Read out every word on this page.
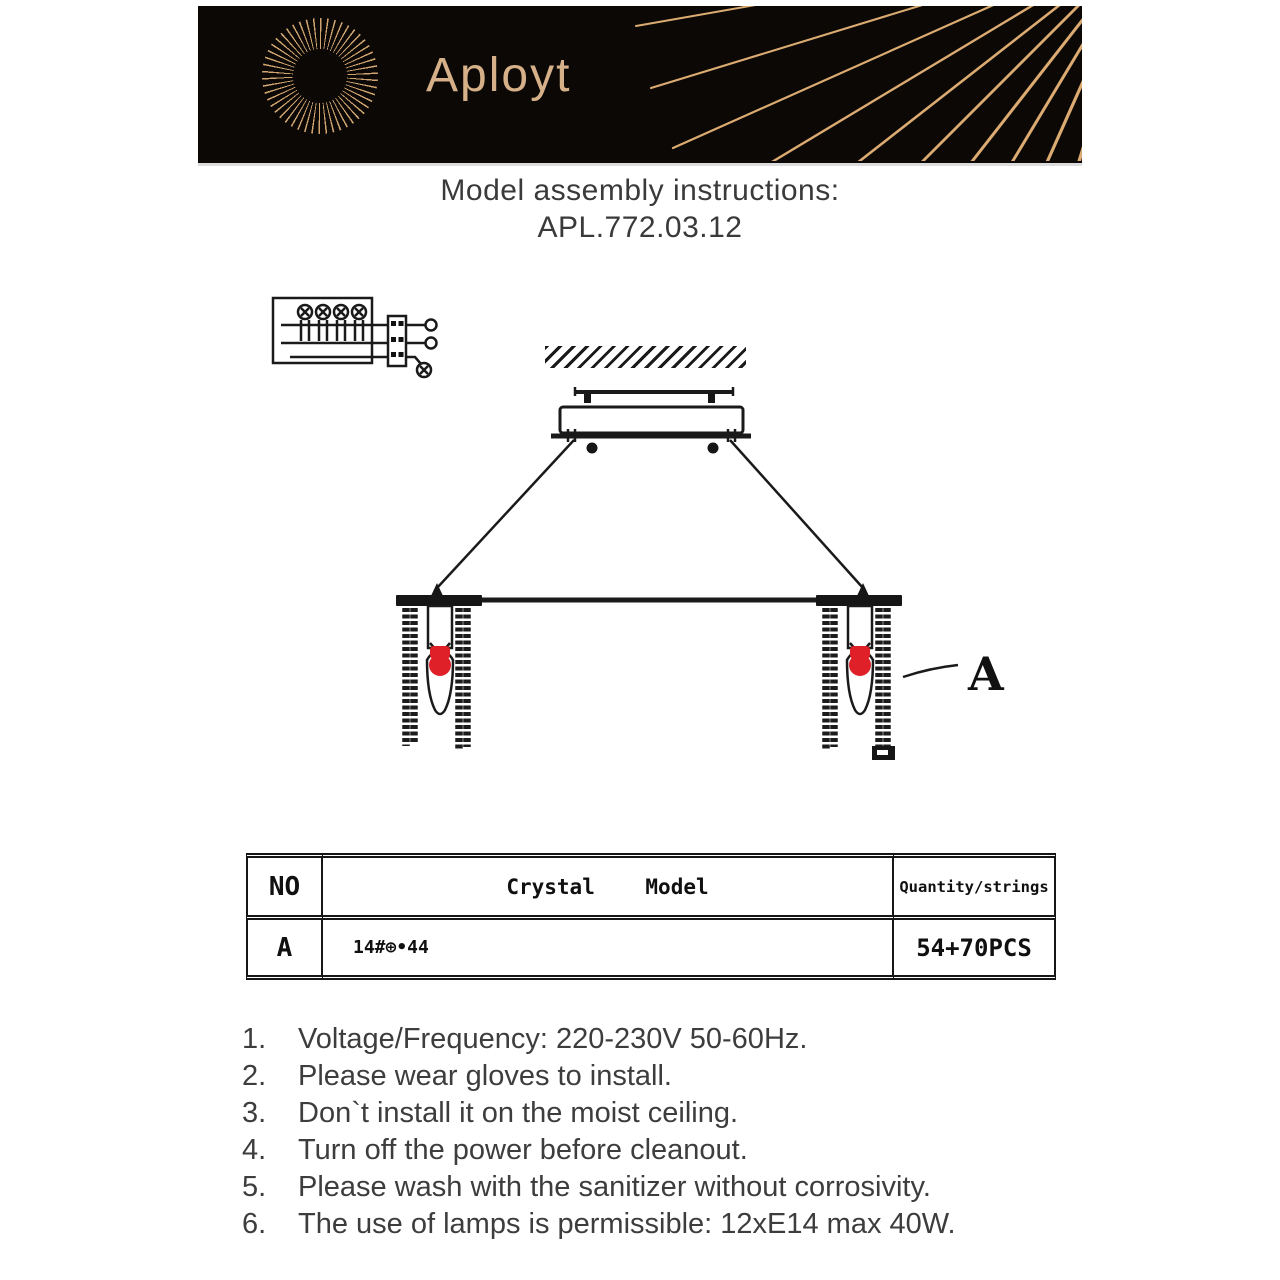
Aployt
Model assembly instructions:
APL.772.03.12
A
NO	Crystal    Model	Quantity/strings
A	14#⊕•44	54+70PCS
1.	Voltage/Frequency: 220-230V 50-60Hz.
2.	Please wear gloves to install.
3.	Don`t install it on the moist ceiling.
4.	Turn off the power before cleanout.
5.	Please wash with the sanitizer without corrosivity.
6.	The use of lamps is permissible: 12xE14 max 40W.
